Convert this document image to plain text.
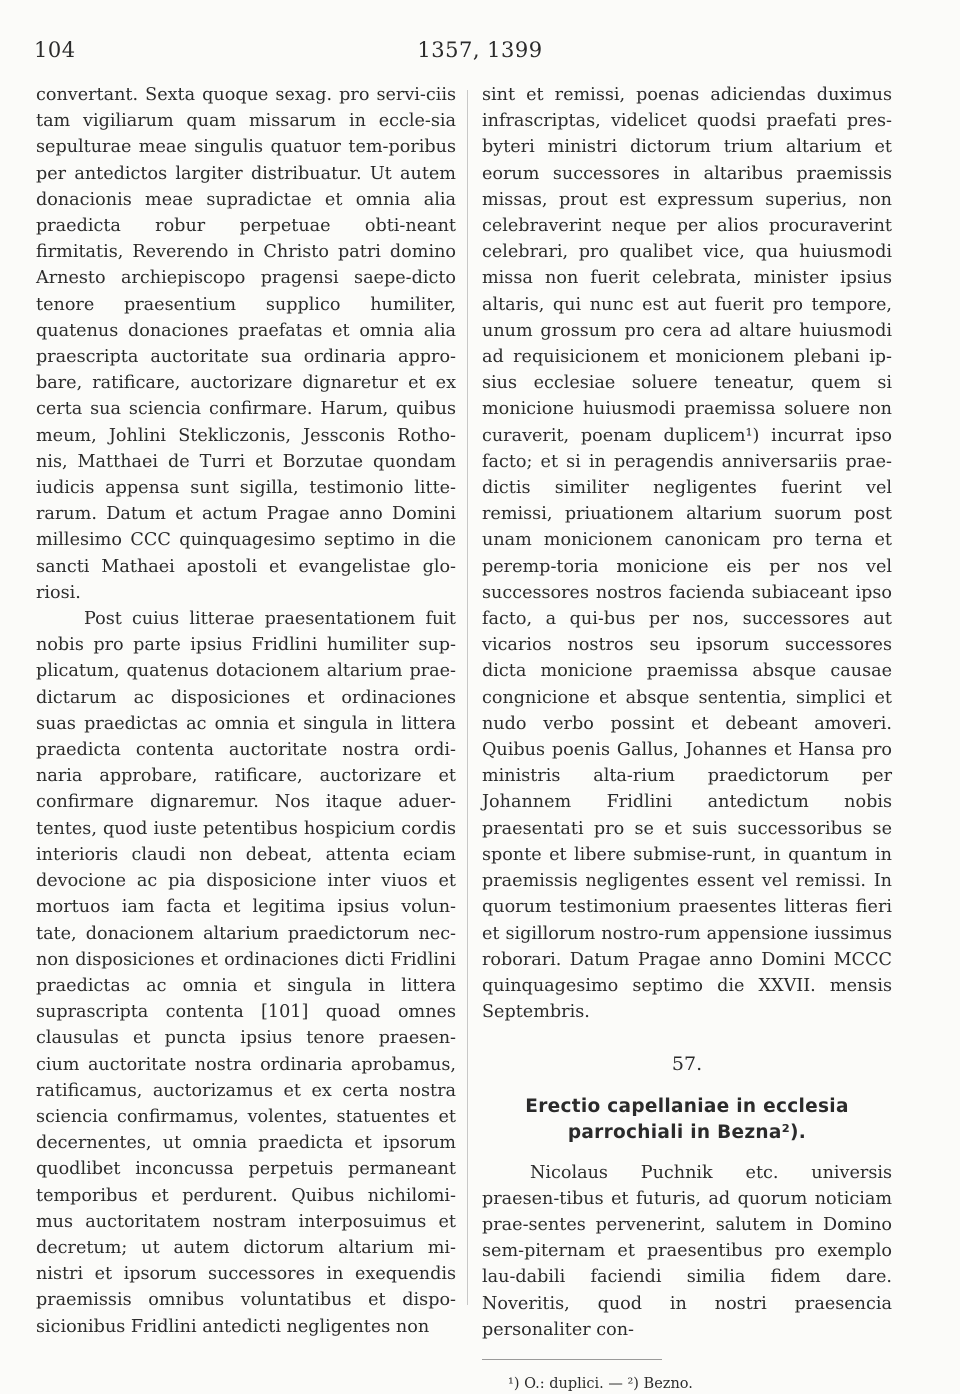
104	1357, 1399

convertant. Sexta quoque sexag. pro servi-ciis tam vigiliarum quam missarum in eccle-sia sepulturae meae singulis quatuor tem-poribus per antedictos largiter distribuatur. Ut autem donacionis meae supradictae et omnia alia praedicta robur perpetuae obti-neant firmitatis, Reverendo in Christo patri domino Arnesto archiepiscopo pragensi saepe-dicto tenore praesentium supplico humiliter, quatenus donaciones praefatas et omnia alia praescripta auctoritate sua ordinaria appro-bare, ratificare, auctorizare dignaretur et ex certa sua sciencia confirmare. Harum, quibus meum, Johlini Stekliczonis, Jessconis Rotho-nis, Matthaei de Turri et Borzutae quondam iudicis appensa sunt sigilla, testimonio litte-rarum. Datum et actum Pragae anno Domini millesimo CCC quinquagesimo septimo in die sancti Mathaei apostoli et evangelistae glo-riosi.

Post cuius litterae praesentationem fuit nobis pro parte ipsius Fridlini humiliter sup-plicatum, quatenus dotacionem altarium prae-dictarum ac disposiciones et ordinaciones suas praedictas ac omnia et singula in littera praedicta contenta auctoritate nostra ordi-naria approbare, ratificare, auctorizare et confirmare dignaremur. Nos itaque aduer-tentes, quod iuste petentibus hospicium cordis interioris claudi non debeat, attenta eciam devocione ac pia disposicione inter viuos et mortuos iam facta et legitima ipsius volun-tate, donacionem altarium praedictorum nec-non disposiciones et ordinaciones dicti Fridlini praedictas ac omnia et singula in littera suprascripta contenta [101] quoad omnes clausulas et puncta ipsius tenore praesen-cium auctoritate nostra ordinaria aprobamus, ratificamus, auctorizamus et ex certa nostra sciencia confirmamus, volentes, statuentes et decernentes, ut omnia praedicta et ipsorum quodlibet inconcussa perpetuis permaneant temporibus et perdurent. Quibus nichilomi-mus auctoritatem nostram interposuimus et decretum; ut autem dictorum altarium mi-nistri et ipsorum successores in exequendis praemissis omnibus voluntatibus et dispo-sicionibus Fridlini antedicti negligentes non

sint et remissi, poenas adiciendas duximus infrascriptas, videlicet quodsi praefati pres-byteri ministri dictorum trium altarium et eorum successores in altaribus praemissis missas, prout est expressum superius, non celebraverint neque per alios procuraverint celebrari, pro qualibet vice, qua huiusmodi missa non fuerit celebrata, minister ipsius altaris, qui nunc est aut fuerit pro tempore, unum grossum pro cera ad altare huiusmodi ad requisicionem et monicionem plebani ip-sius ecclesiae soluere teneatur, quem si monicione huiusmodi praemissa soluere non curaverit, poenam duplicem¹) incurrat ipso facto; et si in peragendis anniversariis prae-dictis similiter negligentes fuerint vel remissi, priuationem altarium suorum post unam monicionem canonicam pro terna et peremp-toria monicione eis per nos vel successores nostros facienda subiaceant ipso facto, a qui-bus per nos, successores aut vicarios nostros seu ipsorum successores dicta monicione praemissa absque causae congnicione et absque sententia, simplici et nudo verbo possint et debeant amoveri. Quibus poenis Gallus, Johannes et Hansa pro ministris alta-rium praedictorum per Johannem Fridlini antedictum nobis praesentati pro se et suis successoribus se sponte et libere submise-runt, in quantum in praemissis negligentes essent vel remissi. In quorum testimonium praesentes litteras fieri et sigillorum nostro-rum appensione iussimus roborari. Datum Pragae anno Domini MCCC quinquagesimo septimo die XXVII. mensis Septembris.

57.
Erectio capellaniae in ecclesia parrochiali in Bezna²).

Nicolaus Puchnik etc. universis praesen-tibus et futuris, ad quorum noticiam prae-sentes pervenerint, salutem in Domino sem-piternam et praesentibus pro exemplo lau-dabili faciendi similia fidem dare. Noveritis, quod in nostri praesencia personaliter con-

¹) O.: duplici. — ²) Bezno.
